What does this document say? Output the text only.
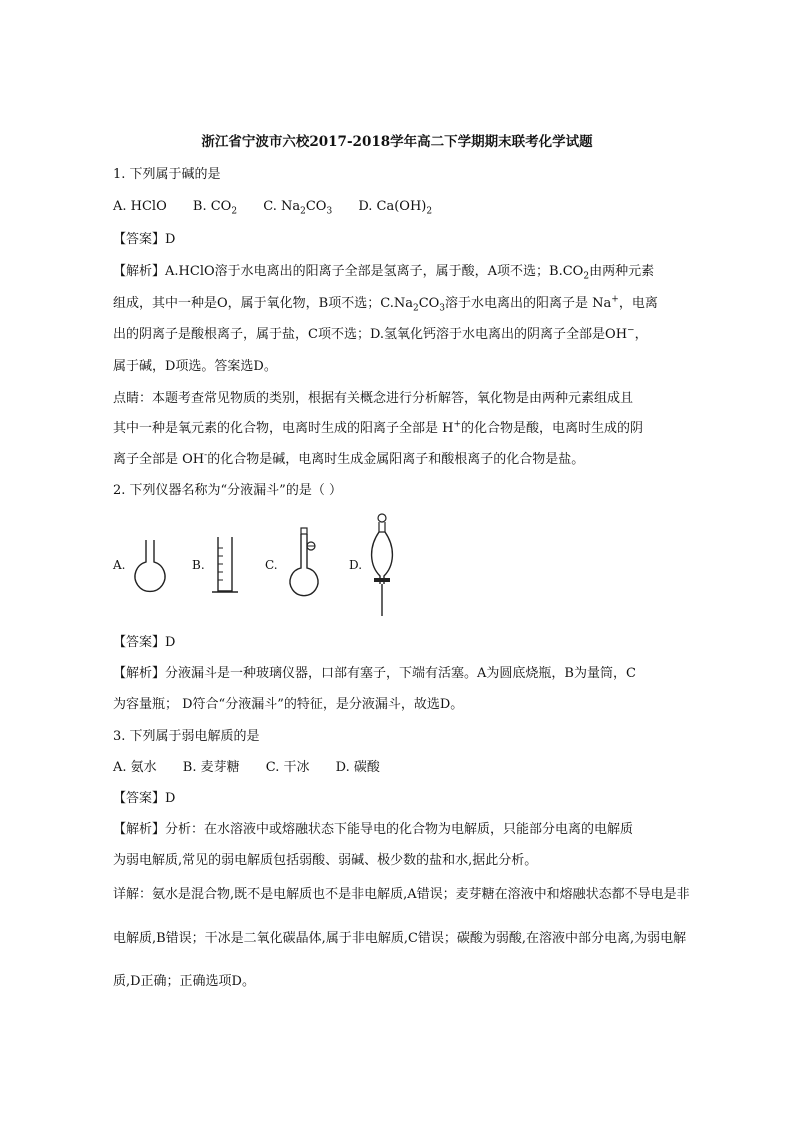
浙江省宁波市六校2017-2018学年高二下学期期末联考化学试题
1. 下列属于碱的是
A. HClO B. $CO_2$ C. $Na_2CO_3$ D. $Ca(OH)_2$
【答案】D
【解析】A.HClO溶于水电离出的阳离子全部是氢离子，属于酸，A项不选；$B.CO_2$由两种元素
组成，其中一种是O，属于氧化物，B项不选；$C.Na_2CO_3$溶于水电离出的阳离子是 Na+，电离
出的阴离子是酸根离子，属于盐，C项不选；D.氢氧化钙溶于水电离出的阴离子全部是OH−，
属于碱，D项选。答案选D。
点睛：本题考查常见物质的类别，根据有关概念进行分析解答，氧化物是由两种元素组成且
其中一种是氧元素的化合物，电离时生成的阳离子全部是 H+的化合物是酸，电离时生成的阴
离子全部是 OH-的化合物是碱，电离时生成金属阳离子和酸根离子的化合物是盐。
2. 下列仪器名称为“分液漏斗”的是（ ）
A.	B.	C.	D.
【答案】D
【解析】分液漏斗是一种玻璃仪器，口部有塞子，下端有活塞。A为圆底烧瓶，B为量筒，C
为容量瓶； D符合“分液漏斗”的特征，是分液漏斗，故选D。
3. 下列属于弱电解质的是
A. 氨水 B. 麦芽糖 C. 干冰 D. 碳酸
【答案】D
【解析】分析：在水溶液中或熔融状态下能导电的化合物为电解质，只能部分电离的电解质
为弱电解质,常见的弱电解质包括弱酸、弱碱、极少数的盐和水,据此分析。
详解：氨水是混合物,既不是电解质也不是非电解质,A错误；麦芽糖在溶液中和熔融状态都不导电是非
电解质,B错误；干冰是二氧化碳晶体,属于非电解质,C错误；碳酸为弱酸,在溶液中部分电离,为弱电解
质,D正确；正确选项D。
